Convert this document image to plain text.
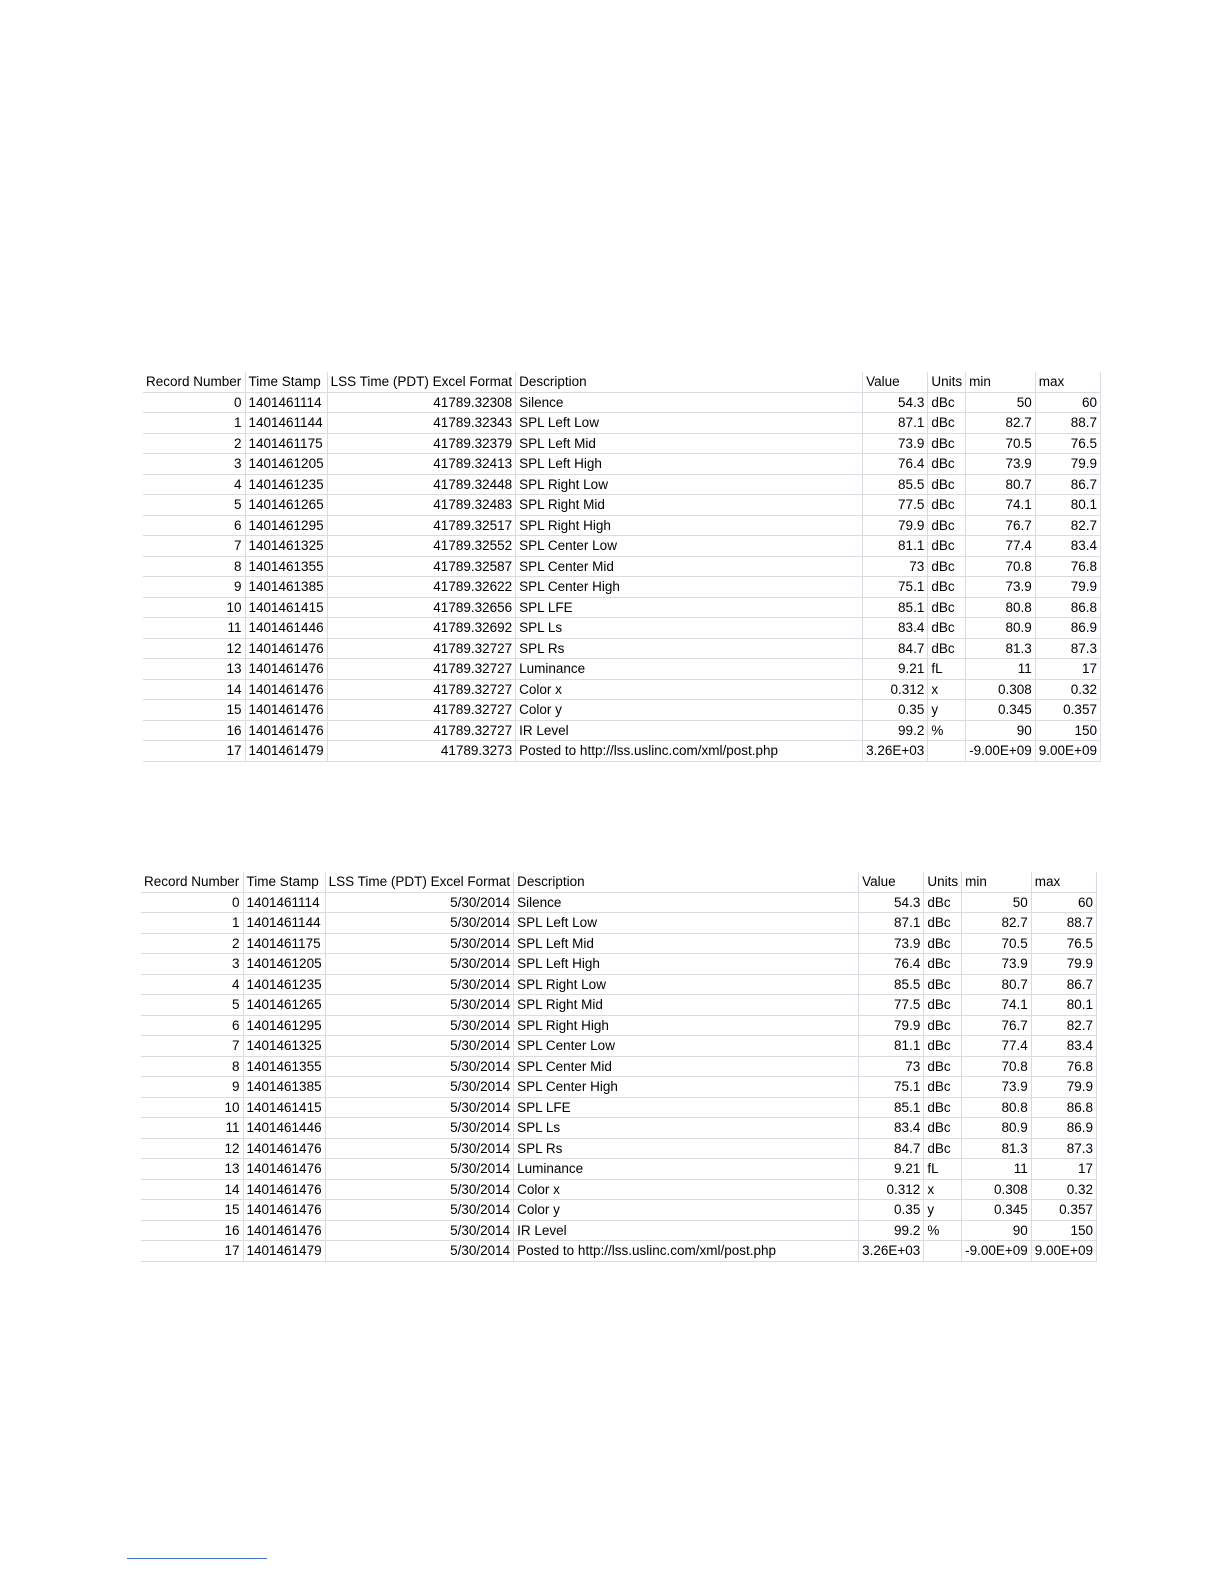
Record Number	Time Stamp	LSS Time (PDT) Excel Format	Description	Value	Units	min	max
0	1401461114	41789.32308	Silence	54.3	dBc	50	60
1	1401461144	41789.32343	SPL Left Low	87.1	dBc	82.7	88.7
2	1401461175	41789.32379	SPL Left Mid	73.9	dBc	70.5	76.5
3	1401461205	41789.32413	SPL Left High	76.4	dBc	73.9	79.9
4	1401461235	41789.32448	SPL Right Low	85.5	dBc	80.7	86.7
5	1401461265	41789.32483	SPL Right Mid	77.5	dBc	74.1	80.1
6	1401461295	41789.32517	SPL Right High	79.9	dBc	76.7	82.7
7	1401461325	41789.32552	SPL Center Low	81.1	dBc	77.4	83.4
8	1401461355	41789.32587	SPL Center Mid	73	dBc	70.8	76.8
9	1401461385	41789.32622	SPL Center High	75.1	dBc	73.9	79.9
10	1401461415	41789.32656	SPL LFE	85.1	dBc	80.8	86.8
11	1401461446	41789.32692	SPL Ls	83.4	dBc	80.9	86.9
12	1401461476	41789.32727	SPL Rs	84.7	dBc	81.3	87.3
13	1401461476	41789.32727	Luminance	9.21	fL	11	17
14	1401461476	41789.32727	Color x	0.312	x	0.308	0.32
15	1401461476	41789.32727	Color y	0.35	y	0.345	0.357
16	1401461476	41789.32727	IR Level	99.2	%	90	150
17	1401461479	41789.3273	Posted to http://lss.uslinc.com/xml/post.php	3.26E+03		-9.00E+09	9.00E+09
Record Number	Time Stamp	LSS Time (PDT) Excel Format	Description	Value	Units	min	max
0	1401461114	5/30/2014	Silence	54.3	dBc	50	60
1	1401461144	5/30/2014	SPL Left Low	87.1	dBc	82.7	88.7
2	1401461175	5/30/2014	SPL Left Mid	73.9	dBc	70.5	76.5
3	1401461205	5/30/2014	SPL Left High	76.4	dBc	73.9	79.9
4	1401461235	5/30/2014	SPL Right Low	85.5	dBc	80.7	86.7
5	1401461265	5/30/2014	SPL Right Mid	77.5	dBc	74.1	80.1
6	1401461295	5/30/2014	SPL Right High	79.9	dBc	76.7	82.7
7	1401461325	5/30/2014	SPL Center Low	81.1	dBc	77.4	83.4
8	1401461355	5/30/2014	SPL Center Mid	73	dBc	70.8	76.8
9	1401461385	5/30/2014	SPL Center High	75.1	dBc	73.9	79.9
10	1401461415	5/30/2014	SPL LFE	85.1	dBc	80.8	86.8
11	1401461446	5/30/2014	SPL Ls	83.4	dBc	80.9	86.9
12	1401461476	5/30/2014	SPL Rs	84.7	dBc	81.3	87.3
13	1401461476	5/30/2014	Luminance	9.21	fL	11	17
14	1401461476	5/30/2014	Color x	0.312	x	0.308	0.32
15	1401461476	5/30/2014	Color y	0.35	y	0.345	0.357
16	1401461476	5/30/2014	IR Level	99.2	%	90	150
17	1401461479	5/30/2014	Posted to http://lss.uslinc.com/xml/post.php	3.26E+03		-9.00E+09	9.00E+09
